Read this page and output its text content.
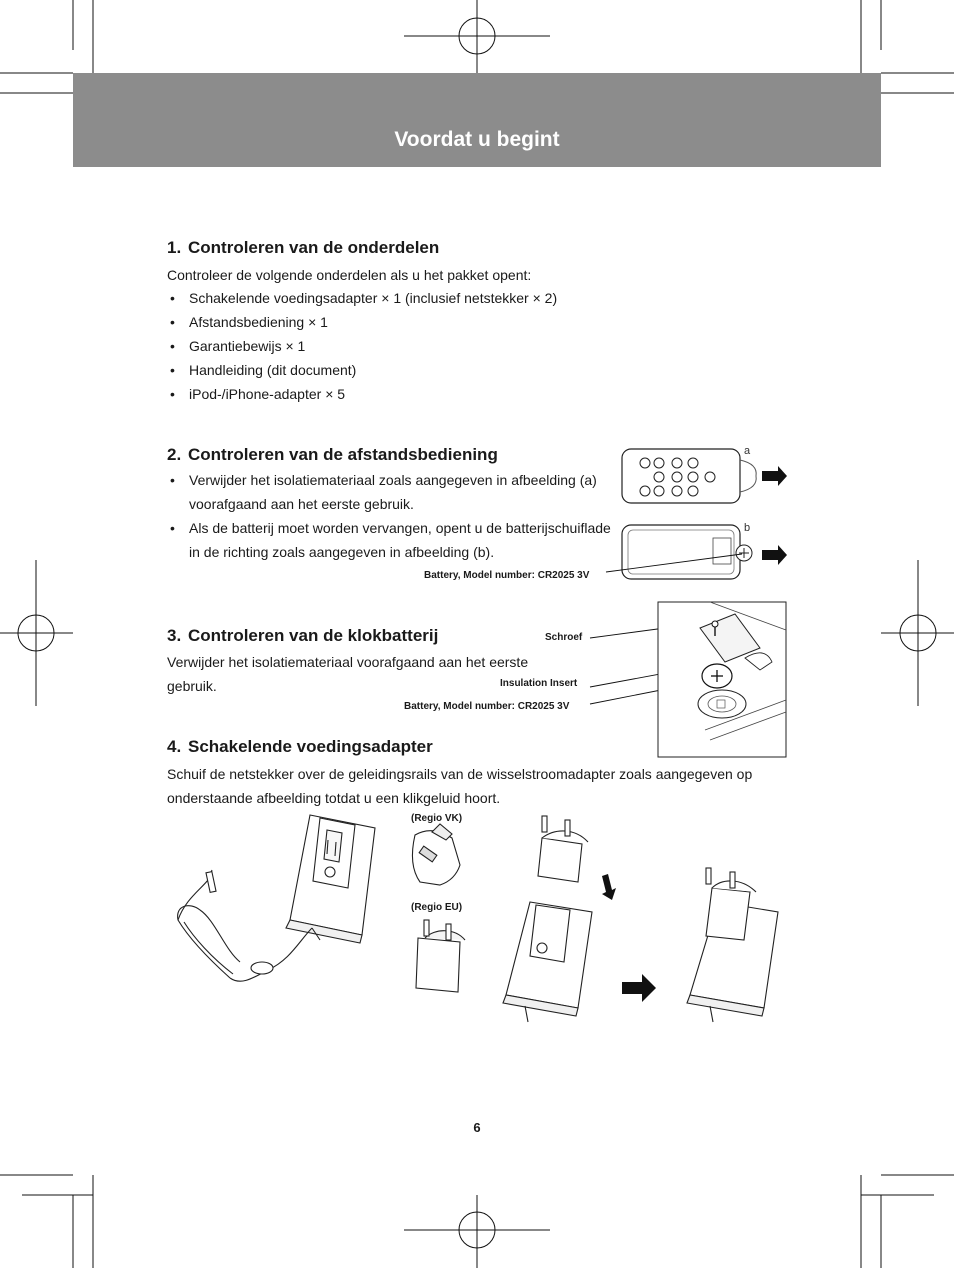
Voordat u begint
1. Controleren van de onderdelen
Controleer de volgende onderdelen als u het pakket opent:
• Schakelende voedingsadapter × 1 (inclusief netstekker × 2)
• Afstandsbediening × 1
• Garantiebewijs × 1
• Handleiding (dit document)
• iPod-/iPhone-adapter × 5
2. Controleren van de afstandsbediening
• Verwijder het isolatiemateriaal zoals aangegeven in afbeelding (a) voorafgaand aan het eerste gebruik.
• Als de batterij moet worden vervangen, opent u de batterijschuiflade in de richting zoals aangegeven in afbeelding (b).
a
b
Battery, Model number: CR2025 3V
3. Controleren van de klokbatterij
Verwijder het isolatiemateriaal voorafgaand aan het eerste gebruik.
Schroef
Insulation Insert
Battery, Model number: CR2025 3V
4. Schakelende voedingsadapter
Schuif de netstekker over de geleidingsrails van de wisselstroomadapter zoals aangegeven op onderstaande afbeelding totdat u een klikgeluid hoort.
(Regio VK)
(Regio EU)
6
